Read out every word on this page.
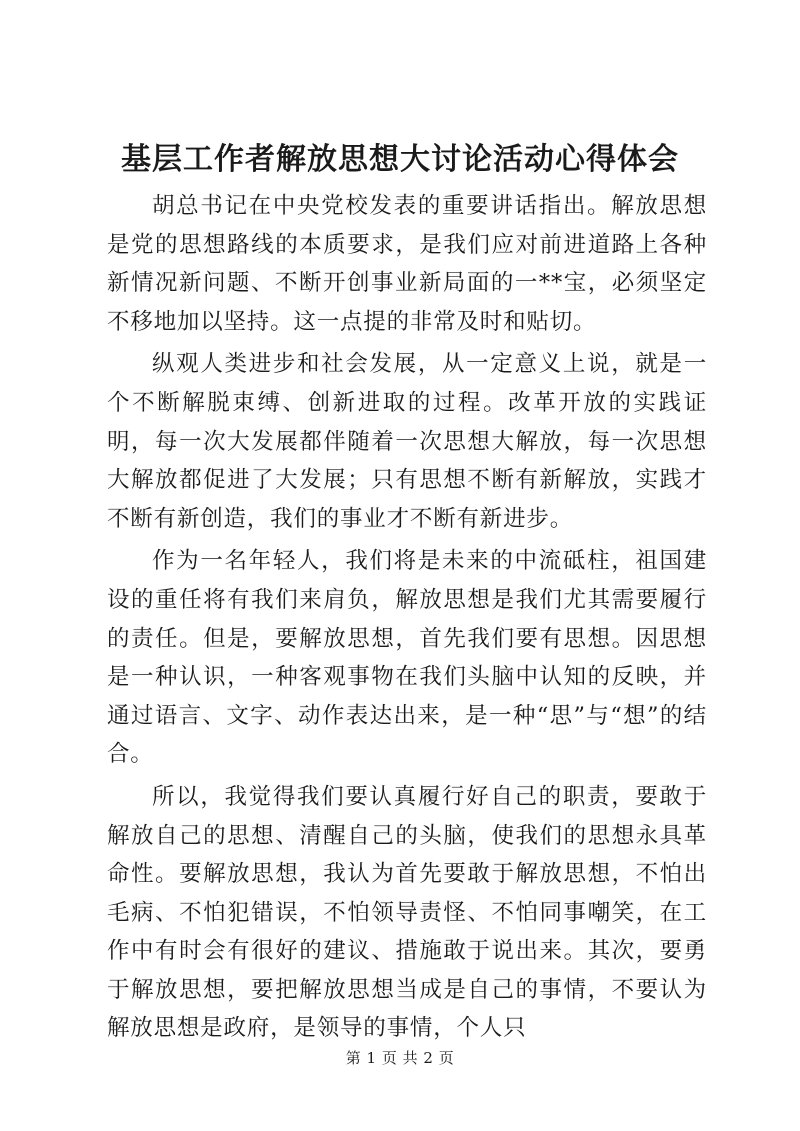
基层工作者解放思想大讨论活动心得体会

胡总书记在中央党校发表的重要讲话指出。解放思想是党的思想路线的本质要求，是我们应对前进道路上各种新情况新问题、不断开创事业新局面的一**宝，必须坚定不移地加以坚持。这一点提的非常及时和贴切。

纵观人类进步和社会发展，从一定意义上说，就是一个不断解脱束缚、创新进取的过程。改革开放的实践证明，每一次大发展都伴随着一次思想大解放，每一次思想大解放都促进了大发展；只有思想不断有新解放，实践才不断有新创造，我们的事业才不断有新进步。

作为一名年轻人，我们将是未来的中流砥柱，祖国建设的重任将有我们来肩负，解放思想是我们尤其需要履行的责任。但是，要解放思想，首先我们要有思想。因思想是一种认识，一种客观事物在我们头脑中认知的反映，并通过语言、文字、动作表达出来，是一种“思”与“想”的结合。

所以，我觉得我们要认真履行好自己的职责，要敢于解放自己的思想、清醒自己的头脑，使我们的思想永具革命性。要解放思想，我认为首先要敢于解放思想，不怕出毛病、不怕犯错误，不怕领导责怪、不怕同事嘲笑，在工作中有时会有很好的建议、措施敢于说出来。其次，要勇于解放思想，要把解放思想当成是自己的事情，不要认为解放思想是政府，是领导的事情，个人只

第 1 页 共 2 页
